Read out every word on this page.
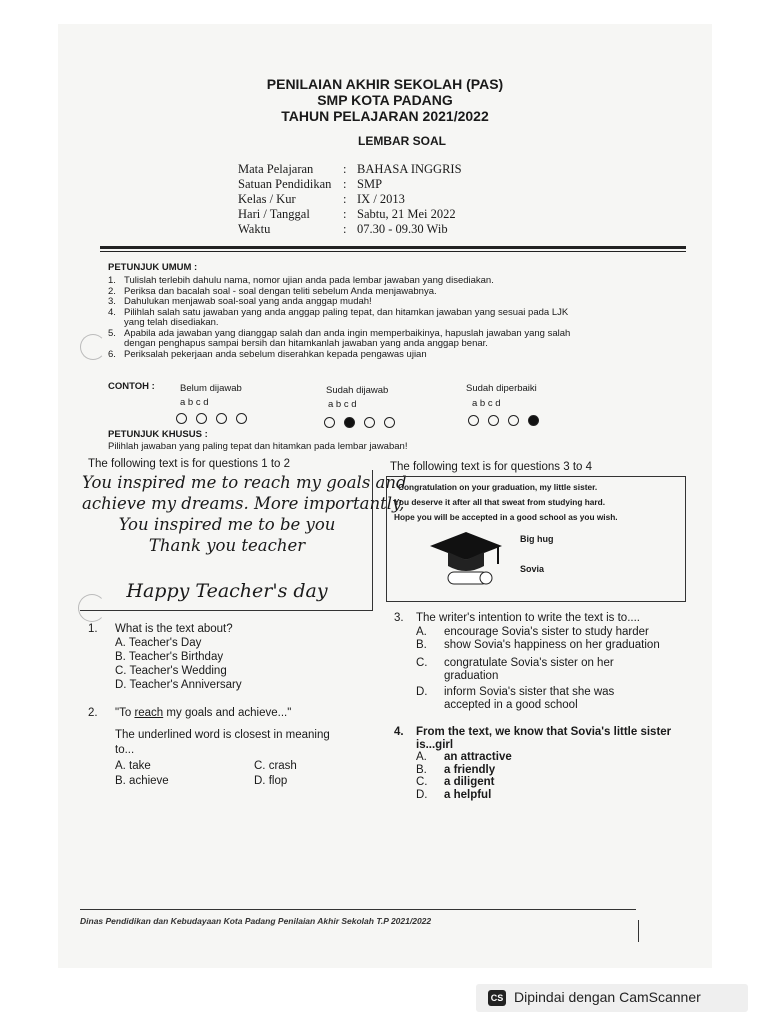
PENILAIAN AKHIR SEKOLAH (PAS)
SMP KOTA PADANG
TAHUN PELAJARAN 2021/2022
LEMBAR SOAL
Mata Pelajaran : BAHASA INGGRIS
Satuan Pendidikan : SMP
Kelas / Kur	: IX / 2013
Hari / Tanggal	: Sabtu, 21 Mei 2022
Waktu	: 07.30 - 09.30 Wib
PETUNJUK UMUM :
1. Tulislah terlebih dahulu nama, nomor ujian anda pada lembar jawaban yang disediakan.
2. Periksa dan bacalah soal - soal dengan teliti sebelum Anda menjawabnya.
3. Dahulukan menjawab soal-soal yang anda anggap mudah!
4. Pilihlah salah satu jawaban yang anda anggap paling tepat, dan hitamkan jawaban yang sesuai pada LJK
yang telah disediakan.
5. Apabila ada jawaban yang dianggap salah dan anda ingin memperbaikinya, hapuslah jawaban yang salah
dengan penghapus sampai bersih dan hitamkanlah jawaban yang anda anggap benar.
6. Periksalah pekerjaan anda sebelum diserahkan kepada pengawas ujian
CONTOH :	Belum dijawab
a b c d
Sudah dijawab
a b c d
Sudah diperbaiki
a b c d
PETUNJUK KHUSUS :
Pilihlah jawaban yang paling tepat dan hitamkan pada lembar jawaban!
The following text is for questions 1 to 2
You inspired me to reach my goals and
achieve my dreams. More importantly,
You inspired me to be you
Thank you teacher
Happy Teacher's day
The following text is for questions 3 to 4
Congratulation on your graduation, my little sister.
You deserve it after all that sweat from studying hard.
Hope you will be accepted in a good school as you wish.
Big hug
Sovia
1. What is the text about?
A. Teacher's Day
B. Teacher's Birthday
C. Teacher's Wedding
D. Teacher's Anniversary
2. "To reach my goals and achieve..."
The underlined word is closest in meaning
to...
A. take
B. achieve
C. crash
D. flop
3. The writer's intention to write the text is to....
A. encourage Sovia's sister to study harder
B. show Sovia's happiness on her graduation
C. congratulate Sovia's sister on her
graduation
D. inform Sovia's sister that she was
accepted in a good school
4. From the text, we know that Sovia's little sister
is...girl
A. an attractive
B. a friendly
C. a diligent
D. a helpful
Dinas Pendidikan dan Kebudayaan Kota Padang Penilaian Akhir Sekolah T.P 2021/2022
CS Dipindai dengan CamScanner
